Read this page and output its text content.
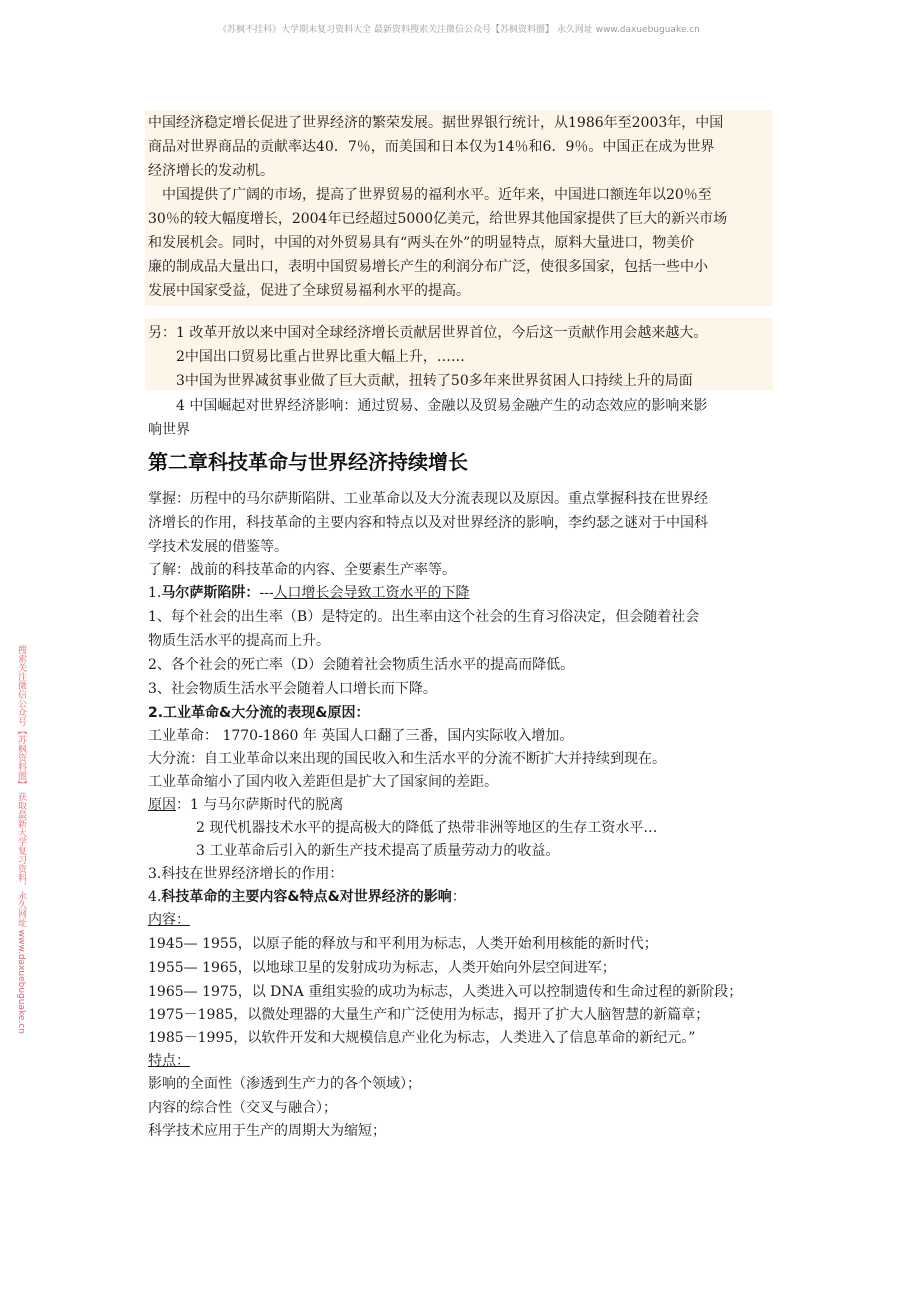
《苏枫不挂科》大学期末复习资料大全 最新资料搜索关注微信公众号【苏枫资料圈】 永久网址 www.daxuebuguake.cn
搜索关注微信公众号【苏枫资料圈】 获取最新大学复习资料，永久网址 www.daxuebuguake.cn
中国经济稳定增长促进了世界经济的繁荣发展。据世界银行统计，从1986年至2003年，中国
商品对世界商品的贡献率达40．7％，而美国和日本仅为14％和6．9％。中国正在成为世界
经济增长的发动机。
　中国提供了广阔的市场，提高了世界贸易的福利水平。近年来，中国进口额连年以20％至
30％的较大幅度增长，2004年已经超过5000亿美元，给世界其他国家提供了巨大的新兴市场
和发展机会。同时，中国的对外贸易具有“两头在外”的明显特点，原料大量进口，物美价
廉的制成品大量出口，表明中国贸易增长产生的利润分布广泛，使很多国家，包括一些中小
发展中国家受益，促进了全球贸易福利水平的提高。
另：1 改革开放以来中国对全球经济增长贡献居世界首位，今后这一贡献作用会越来越大。
　　2中国出口贸易比重占世界比重大幅上升，……
　　3中国为世界减贫事业做了巨大贡献，扭转了50多年来世界贫困人口持续上升的局面
　　4 中国崛起对世界经济影响：通过贸易、金融以及贸易金融产生的动态效应的影响来影
响世界
第二章科技革命与世界经济持续增长
掌握：历程中的马尔萨斯陷阱、工业革命以及大分流表现以及原因。重点掌握科技在世界经
济增长的作用，科技革命的主要内容和特点以及对世界经济的影响，李约瑟之谜对于中国科
学技术发展的借鉴等。
了解：战前的科技革命的内容、全要素生产率等。
1.马尔萨斯陷阱：---人口增长会导致工资水平的下降
1、每个社会的出生率（B）是特定的。出生率由这个社会的生育习俗决定，但会随着社会
物质生活水平的提高而上升。
2、各个社会的死亡率（D）会随着社会物质生活水平的提高而降低。
3、社会物质生活水平会随着人口增长而下降。
2.工业革命&大分流的表现&原因：
工业革命： 1770-1860 年 英国人口翻了三番，国内实际收入增加。
大分流：自工业革命以来出现的国民收入和生活水平的分流不断扩大并持续到现在。
工业革命缩小了国内收入差距但是扩大了国家间的差距。
原因：1 与马尔萨斯时代的脱离
2 现代机器技术水平的提高极大的降低了热带非洲等地区的生存工资水平…
3 工业革命后引入的新生产技术提高了质量劳动力的收益。
3.科技在世界经济增长的作用：
4.科技革命的主要内容&特点&对世界经济的影响：
内容：
1945— 1955，以原子能的释放与和平利用为标志，人类开始利用核能的新时代；
1955— 1965，以地球卫星的发射成功为标志，人类开始向外层空间进军；
1965— 1975，以 DNA 重组实验的成功为标志，人类进入可以控制遗传和生命过程的新阶段；
1975－1985，以微处理器的大量生产和广泛使用为标志，揭开了扩大人脑智慧的新篇章；
1985－1995，以软件开发和大规模信息产业化为标志，人类进入了信息革命的新纪元。”
特点：
影响的全面性（渗透到生产力的各个领域）；
内容的综合性（交叉与融合）；
科学技术应用于生产的周期大为缩短；
